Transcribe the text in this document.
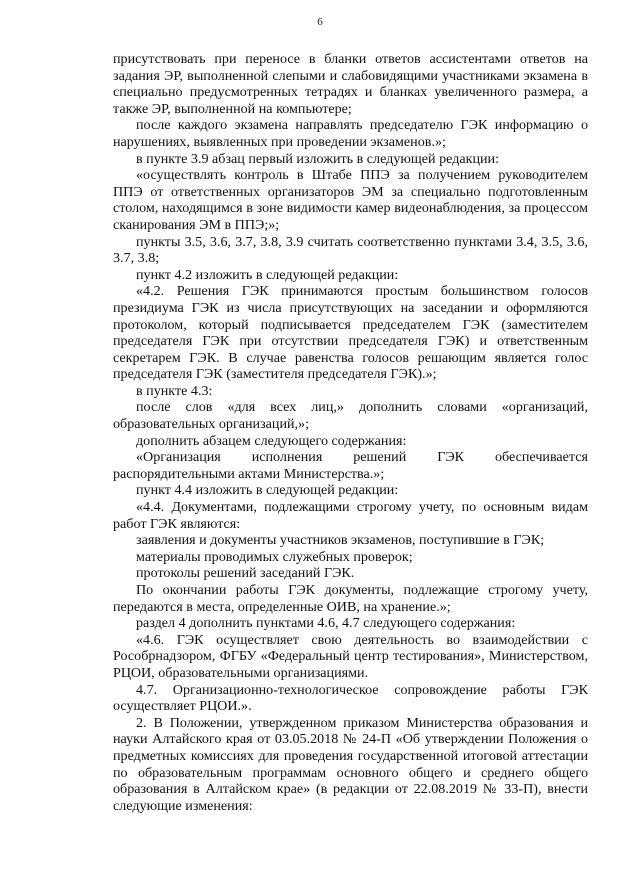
6

присутствовать при переносе в бланки ответов ассистентами ответов на задания ЭР, выполненной слепыми и слабовидящими участниками экзамена в специально предусмотренных тетрадях и бланках увеличенного размера, а также ЭР, выполненной на компьютере;

после каждого экзамена направлять председателю ГЭК информацию о нарушениях, выявленных при проведении экзаменов.»;

в пункте 3.9 абзац первый изложить в следующей редакции:

«осуществлять контроль в Штабе ППЭ за получением руководителем ППЭ от ответственных организаторов ЭМ за специально подготовленным столом, находящимся в зоне видимости камер видеонаблюдения, за процессом сканирования ЭМ в ППЭ;»;

пункты 3.5, 3.6, 3.7, 3.8, 3.9 считать соответственно пунктами 3.4, 3.5, 3.6, 3.7, 3.8;

пункт 4.2 изложить в следующей редакции:

«4.2. Решения ГЭК принимаются простым большинством голосов президиума ГЭК из числа присутствующих на заседании и оформляются протоколом, который подписывается председателем ГЭК (заместителем председателя ГЭК при отсутствии председателя ГЭК) и ответственным секретарем ГЭК. В случае равенства голосов решающим является голос председателя ГЭК (заместителя председателя ГЭК).»;

в пункте 4.3:

после слов «для всех лиц,» дополнить словами «организаций, образовательных организаций,»;

дополнить абзацем следующего содержания:

«Организация исполнения решений ГЭК обеспечивается распорядительными актами Министерства.»;

пункт 4.4 изложить в следующей редакции:

«4.4. Документами, подлежащими строгому учету, по основным видам работ ГЭК являются:

заявления и документы участников экзаменов, поступившие в ГЭК;

материалы проводимых служебных проверок;

протоколы решений заседаний ГЭК.

По окончании работы ГЭК документы, подлежащие строгому учету, передаются в места, определенные ОИВ, на хранение.»;

раздел 4 дополнить пунктами 4.6, 4.7 следующего содержания:

«4.6. ГЭК осуществляет свою деятельность во взаимодействии с Рособрнадзором, ФГБУ «Федеральный центр тестирования», Министерством, РЦОИ, образовательными организациями.

4.7. Организационно-технологическое сопровождение работы ГЭК осуществляет РЦОИ.».

2. В Положении, утвержденном приказом Министерства образования и науки Алтайского края от 03.05.2018 № 24-П «Об утверждении Положения о предметных комиссиях для проведения государственной итоговой аттестации по образовательным программам основного общего и среднего общего образования в Алтайском крае» (в редакции от 22.08.2019 № 33-П), внести следующие изменения:
